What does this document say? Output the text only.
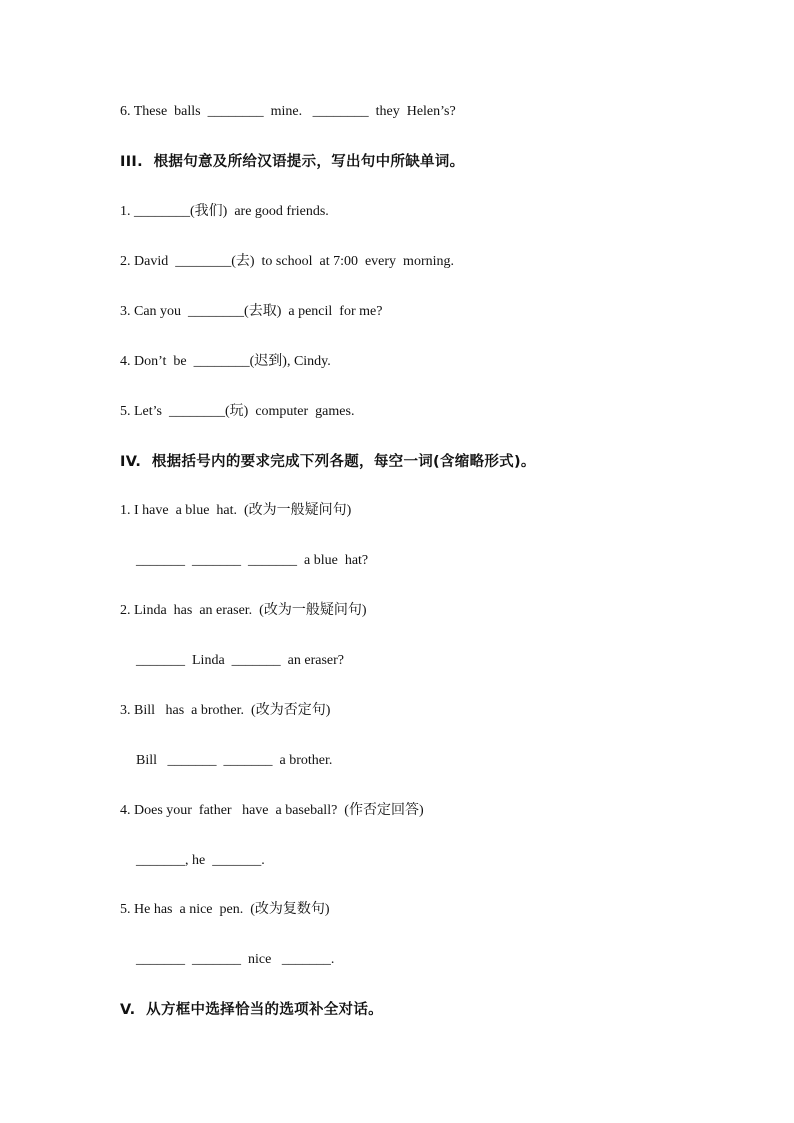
6. These  balls  ________  mine.   ________  they  Helen’s?
III.  根据句意及所给汉语提示，写出句中所缺单词。
1. ________(我们)  are good friends.
2. David  ________(去)  to school  at 7:00  every  morning.
3. Can you  ________(去取)  a pencil  for me?
4. Don’t  be  ________(迟到), Cindy.
5. Let’s  ________(玩)  computer  games.
IV.  根据括号内的要求完成下列各题，每空一词(含缩略形式)。
1. I have  a blue  hat.  (改为一般疑问句)
_______  _______  _______  a blue  hat?
2. Linda  has  an eraser.  (改为一般疑问句)
_______  Linda  _______  an eraser?
3. Bill   has  a brother.  (改为否定句)
Bill   _______  _______  a brother.
4. Does your  father   have  a baseball?  (作否定回答)
_______, he  _______.
5. He has  a nice  pen.  (改为复数句)
_______  _______  nice   _______.
V.  从方框中选择恰当的选项补全对话。
